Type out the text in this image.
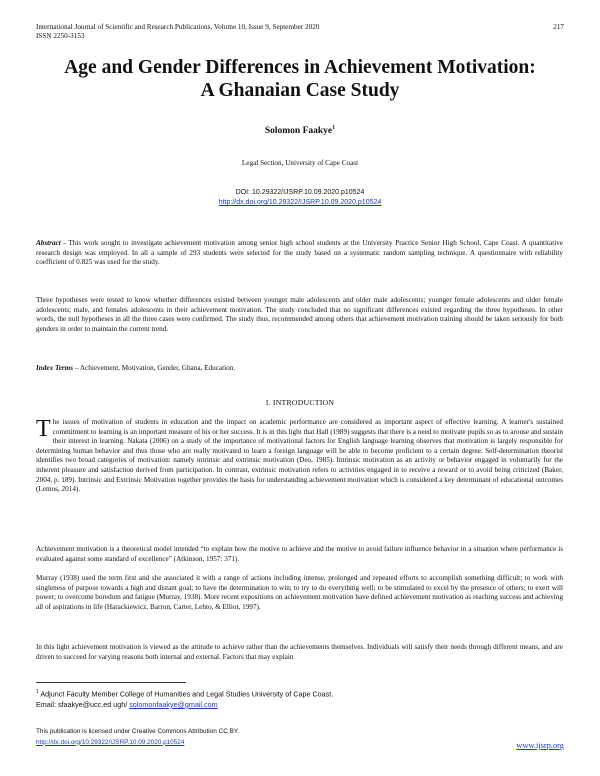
International Journal of Scientific and Research Publications, Volume 10, Issue 9, September 2020
ISSN 2250-3153
217
Age and Gender Differences in Achievement Motivation:
A Ghanaian Case Study
Solomon Faakye$^1$
Legal Section, University of Cape Coast
DOI: 10.29322/IJSRP.10.09.2020.p10524
http://dx.doi.org/10.29322/IJSRP.10.09.2020.p10524

Abstract - This work sought to investigate achievement motivation among senior high school students at the University Practice Senior High School, Cape Coast. A quantitative research design was employed. In all a sample of 293 students were selected for the study based on a systematic random sampling technique. A questionnaire with reliability coefficient of 0.825 was used for the study.

Three hypotheses were tested to know whether differences existed between younger male adolescents and older male adolescents; younger female adolescents and older female adolescents; male, and females adolescents in their achievement motivation. The study concluded that no significant differences existed regarding the three hypotheses. In other words, the null hypotheses in all the three cases were confirmed. The study thus, recommended among others that achievement motivation training should be taken seriously for both genders in order to maintain the current trend.

Index Terms – Achievement, Motivation, Gender, Ghana, Education.

I. INTRODUCTION

The issues of motivation of students in education and the impact on academic performance are considered as important aspect of effective learning. A learner's sustained commitment to learning is an important measure of his or her success. It is in this light that Hall (1989) suggests that there is a need to motivate pupils so as to arouse and sustain their interest in learning. Nakata (2006) on a study of the importance of motivational factors for English language learning observes that motivation is largely responsible for determining human behavior and thus those who are really motivated to learn a foreign language will be able to become proficient to a certain degree. Self-determination theorist identifies two broad categories of motivation: namely intrinsic and extrinsic motivation (Deo, 1985). Intrinsic motivation as an activity or behavior engaged in voluntarily for the inherent pleasure and satisfaction derived from participation. In contrast, extrinsic motivation refers to activities engaged in to receive a reward or to avoid being criticized (Baker, 2004, p. 189). Intrinsic and Extrinsic Motivation together provides the basis for understanding achievement motivation which is considered a key determinant of educational outcomes (Lemos, 2014).

Achievement motivation is a theoretical model intended “to explain how the motive to achieve and the motive to avoid failure influence behavior in a situation where performance is evaluated against some standard of excellence” (Atkinson, 1957: 371).

Murray (1938) used the term first and she associated it with a range of actions including intense, prolonged and repeated efforts to accomplish something difficult; to work with singleness of purpose towards a high and distant goal; to have the determination to win; to try to do everything well; to be stimulated to excel by the presence of others; to exert will power; to overcome boredom and fatigue (Murray, 1938). More recent expositions on achievement motivation have defined achievement motivation as reaching success and achieving all of aspirations in life (Harackiewicz, Barron, Carter, Lehto, & Elliot, 1997).

In this light achievement motivation is viewed as the attitude to achieve rather than the achievements themselves. Individuals will satisfy their needs through different means, and are driven to succeed for varying reasons both internal and external. Factors that may explain

$^1$ Adjunct Faculty Member College of Humanities and Legal Studies University of Cape Coast.
Email: sfaakye@ucc.ed ugh/ solomonfaakye@gmail.com
This publication is licensed under Creative Commons Attribution CC BY.
http://dx.doi.org/10.29322/IJSRP.10.09.2020.p10524	www.ijsrp.org
